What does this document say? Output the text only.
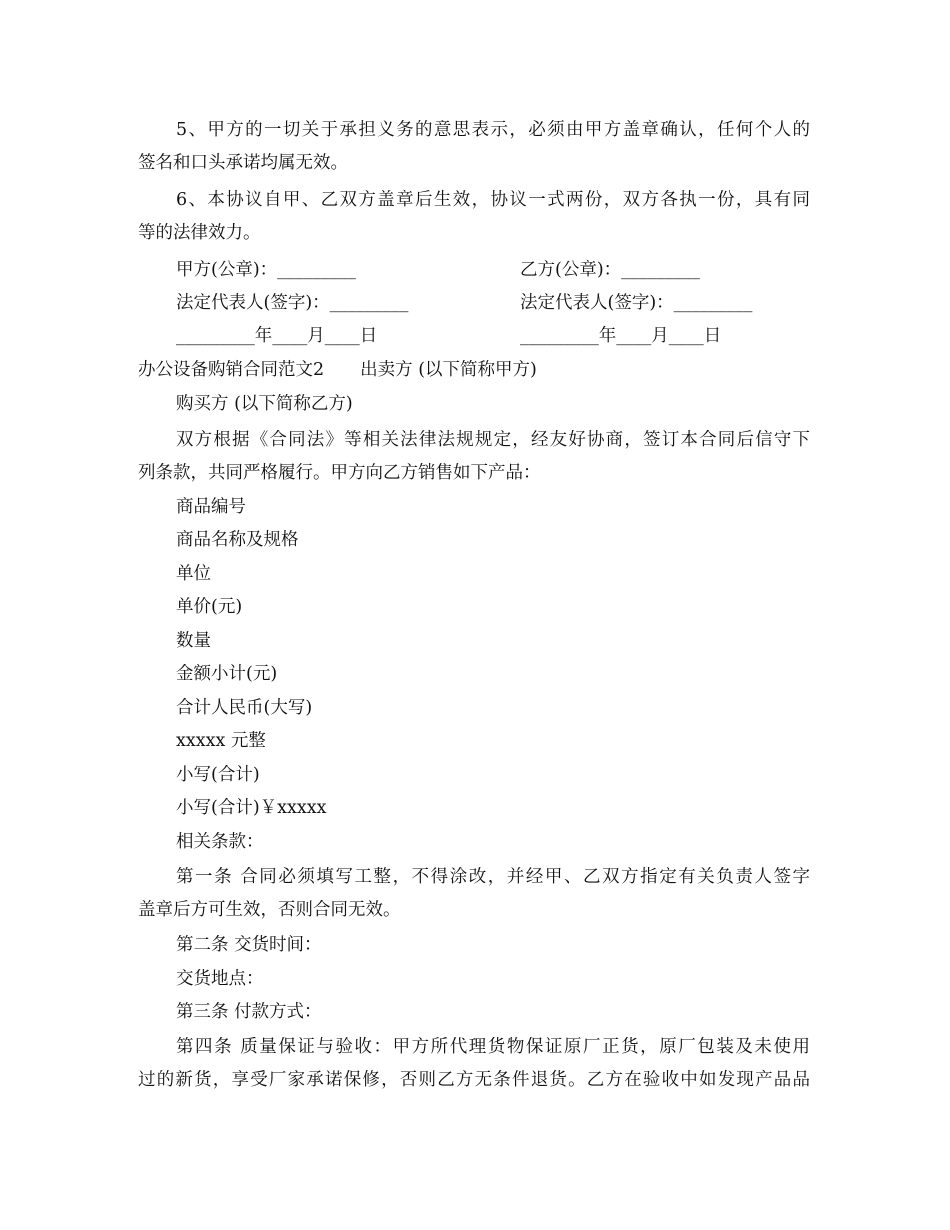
5、甲方的一切关于承担义务的意思表示，必须由甲方盖章确认，任何个人的
签名和口头承诺均属无效。
6、本协议自甲、乙双方盖章后生效，协议一式两份，双方各执一份，具有同
等的法律效力。
甲方(公章)：_________	乙方(公章)：_________
法定代表人(签字)：_________	法定代表人(签字)：_________
_________年____月____日	_________年____月____日
办公设备购销合同范文2 出卖方 (以下简称甲方)
购买方 (以下简称乙方)
双方根据《合同法》等相关法律法规规定，经友好协商，签订本合同后信守下
列条款，共同严格履行。甲方向乙方销售如下产品：
商品编号
商品名称及规格
单位
单价(元)
数量
金额小计(元)
合计人民币(大写)
xxxxx 元整
小写(合计)
小写(合计)￥xxxxx
相关条款：
第一条 合同必须填写工整，不得涂改，并经甲、乙双方指定有关负责人签字
盖章后方可生效，否则合同无效。
第二条 交货时间：
交货地点：
第三条 付款方式：
第四条 质量保证与验收：甲方所代理货物保证原厂正货，原厂包装及未使用
过的新货，享受厂家承诺保修，否则乙方无条件退货。乙方在验收中如发现产品品
